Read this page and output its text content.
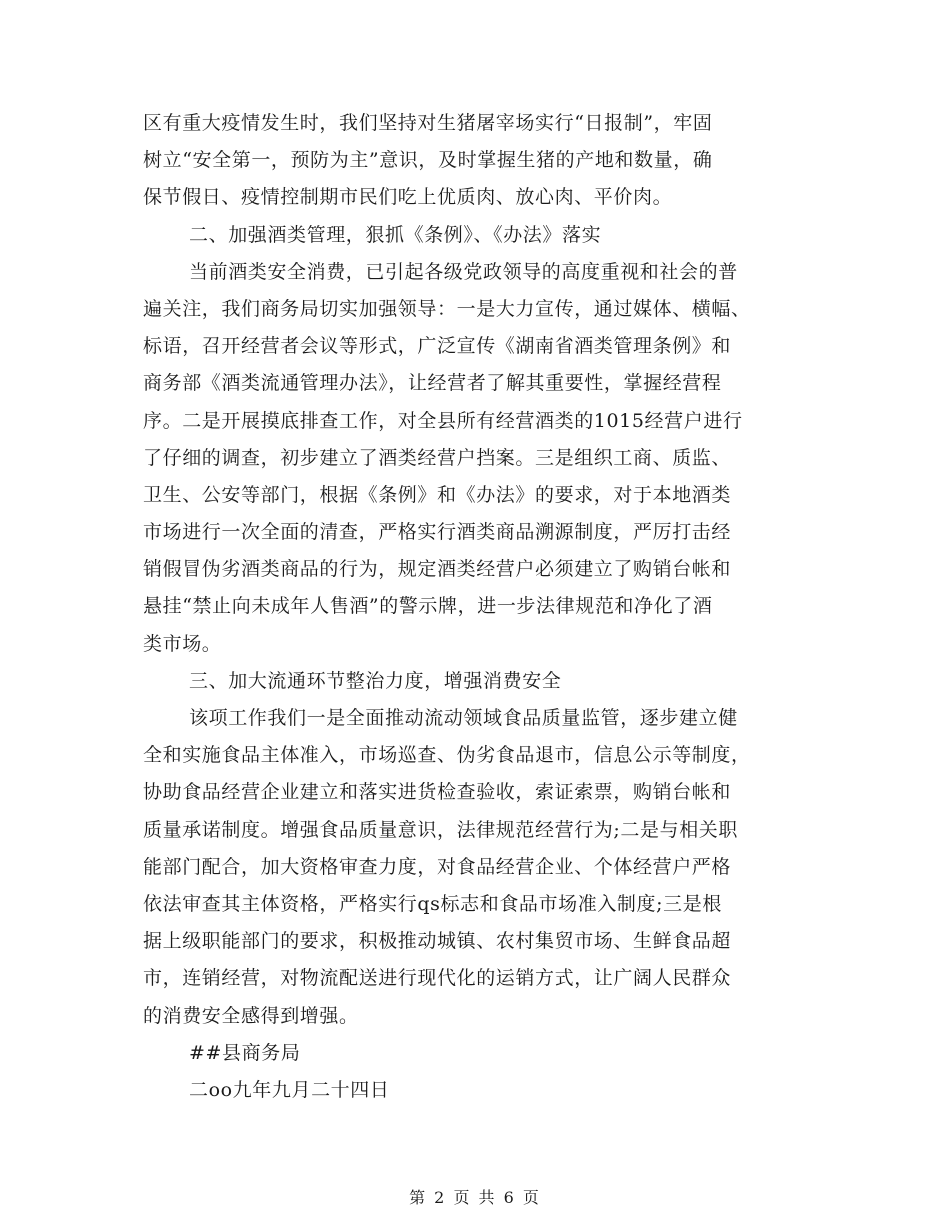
区有重大疫情发生时，我们坚持对生猪屠宰场实行“日报制”，牢固
树立“安全第一，预防为主”意识，及时掌握生猪的产地和数量，确
保节假日、疫情控制期市民们吃上优质肉、放心肉、平价肉。
二、加强酒类管理，狠抓《条例》、《办法》落实
当前酒类安全消费，已引起各级党政领导的高度重视和社会的普
遍关注，我们商务局切实加强领导：一是大力宣传，通过媒体、横幅、
标语，召开经营者会议等形式，广泛宣传《湖南省酒类管理条例》和
商务部《酒类流通管理办法》，让经营者了解其重要性，掌握经营程
序。二是开展摸底排查工作，对全县所有经营酒类的1015经营户进行
了仔细的调查，初步建立了酒类经营户挡案。三是组织工商、质监、
卫生、公安等部门，根据《条例》和《办法》的要求，对于本地酒类
市场进行一次全面的清查，严格实行酒类商品溯源制度，严厉打击经
销假冒伪劣酒类商品的行为，规定酒类经营户必须建立了购销台帐和
悬挂“禁止向未成年人售酒”的警示牌，进一步法律规范和净化了酒
类市场。
三、加大流通环节整治力度，增强消费安全
该项工作我们一是全面推动流动领域食品质量监管，逐步建立健
全和实施食品主体准入，市场巡查、伪劣食品退市，信息公示等制度，
协助食品经营企业建立和落实进货检查验收，索证索票，购销台帐和
质量承诺制度。增强食品质量意识，法律规范经营行为;二是与相关职
能部门配合，加大资格审查力度，对食品经营企业、个体经营户严格
依法审查其主体资格，严格实行qs标志和食品市场准入制度;三是根
据上级职能部门的要求，积极推动城镇、农村集贸市场、生鲜食品超
市，连销经营，对物流配送进行现代化的运销方式，让广阔人民群众
的消费安全感得到增强。
##县商务局
二oo九年九月二十四日
第 2 页 共 6 页
